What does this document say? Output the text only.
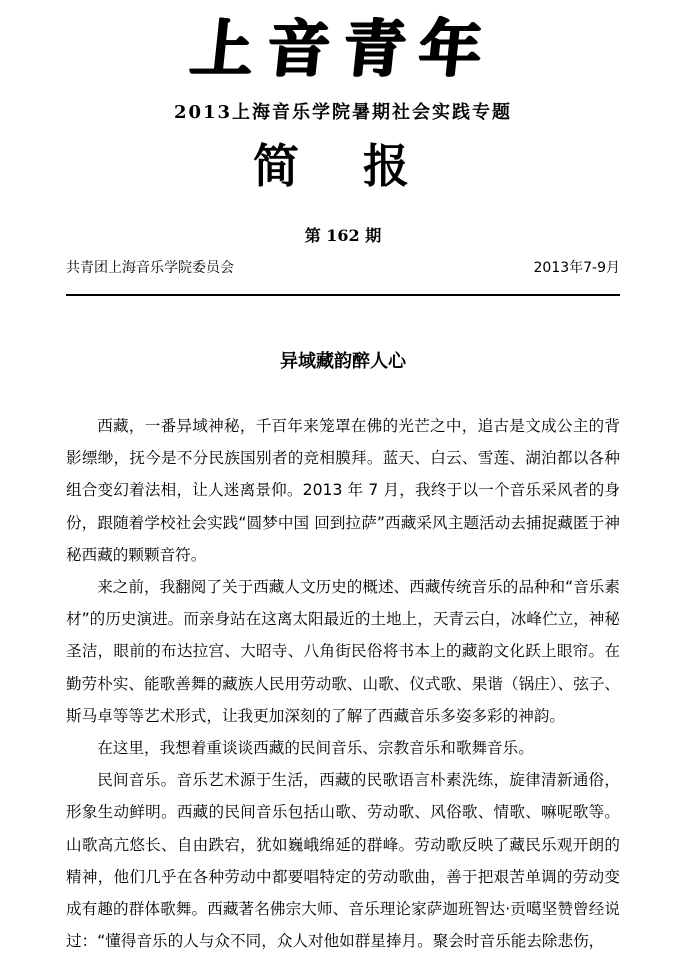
上音青年
2013上海音乐学院暑期社会实践专题
简 报
第 162 期
共青团上海音乐学院委员会	2013年7-9月
异域藏韵醉人心

西藏，一番异域神秘，千百年来笼罩在佛的光芒之中，追古是文成公主的背影缥缈，抚今是不分民族国别者的竞相膜拜。蓝天、白云、雪莲、湖泊都以各种组合变幻着法相，让人迷离景仰。2013 年 7 月，我终于以一个音乐采风者的身份，跟随着学校社会实践“圆梦中国 回到拉萨”西藏采风主题活动去捕捉藏匿于神秘西藏的颗颗音符。

来之前，我翻阅了关于西藏人文历史的概述、西藏传统音乐的品种和“音乐素材”的历史演进。而亲身站在这离太阳最近的土地上，天青云白，冰峰伫立，神秘圣洁，眼前的布达拉宫、大昭寺、八角街民俗将书本上的藏韵文化跃上眼帘。在勤劳朴实、能歌善舞的藏族人民用劳动歌、山歌、仪式歌、果谐（锅庄）、弦子、斯马卓等等艺术形式，让我更加深刻的了解了西藏音乐多姿多彩的神韵。

在这里，我想着重谈谈西藏的民间音乐、宗教音乐和歌舞音乐。

民间音乐。音乐艺术源于生活，西藏的民歌语言朴素洗练，旋律清新通俗，形象生动鲜明。西藏的民间音乐包括山歌、劳动歌、风俗歌、情歌、嘛呢歌等。山歌高亢悠长、自由跌宕，犹如巍峨绵延的群峰。劳动歌反映了藏民乐观开朗的精神，他们几乎在各种劳动中都要唱特定的劳动歌曲，善于把艰苦单调的劳动变成有趣的群体歌舞。西藏著名佛宗大师、音乐理论家萨迦班智达·贡噶坚赞曾经说过：“懂得音乐的人与众不同，众人对他如群星捧月。聚会时音乐能去除悲伤，
